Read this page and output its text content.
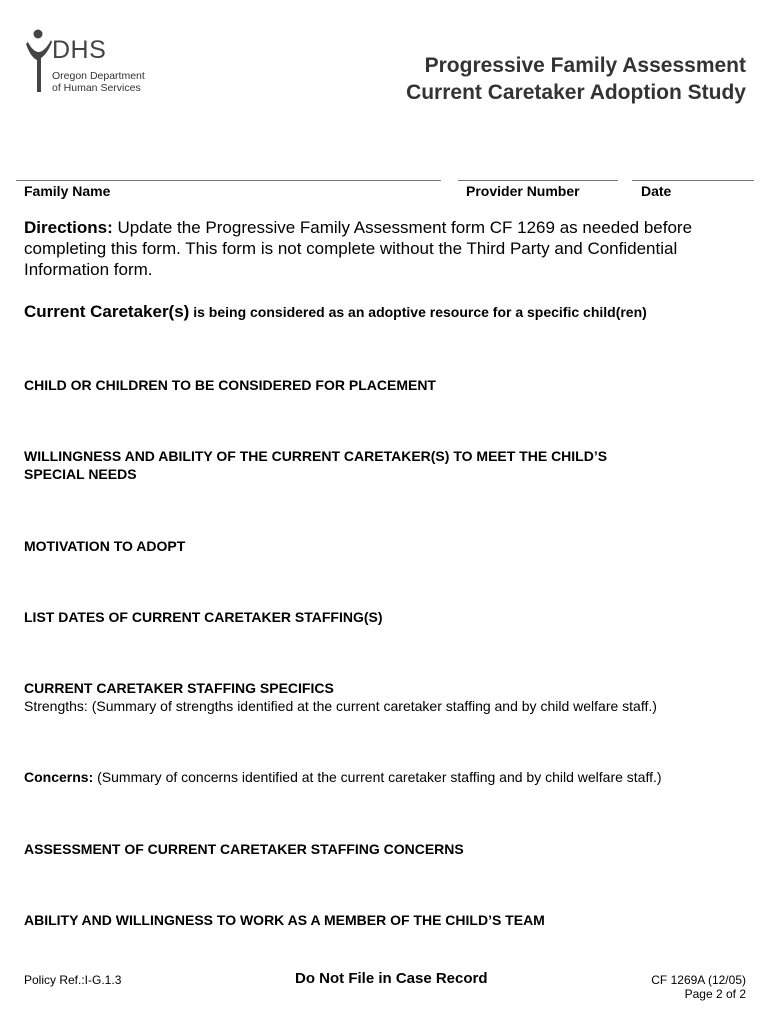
DHS
Oregon Department
of Human Services
Progressive Family Assessment
Current Caretaker Adoption Study
Family Name	Provider Number	Date
Directions: Update the Progressive Family Assessment form CF 1269 as needed before completing this form. This form is not complete without the Third Party and Confidential Information form.
Current Caretaker(s) is being considered as an adoptive resource for a specific child(ren)
CHILD OR CHILDREN TO BE CONSIDERED FOR PLACEMENT
WILLINGNESS AND ABILITY OF THE CURRENT CARETAKER(S) TO MEET THE CHILD’S
SPECIAL NEEDS
MOTIVATION TO ADOPT
LIST DATES OF CURRENT CARETAKER STAFFING(S)
CURRENT CARETAKER STAFFING SPECIFICS
Strengths: (Summary of strengths identified at the current caretaker staffing and by child welfare staff.)
Concerns: (Summary of concerns identified at the current caretaker staffing and by child welfare staff.)
ASSESSMENT OF CURRENT CARETAKER STAFFING CONCERNS
ABILITY AND WILLINGNESS TO WORK AS A MEMBER OF THE CHILD’S TEAM
Policy Ref.:I-G.1.3	Do Not File in Case Record	CF 1269A (12/05)
Page 2 of 2
